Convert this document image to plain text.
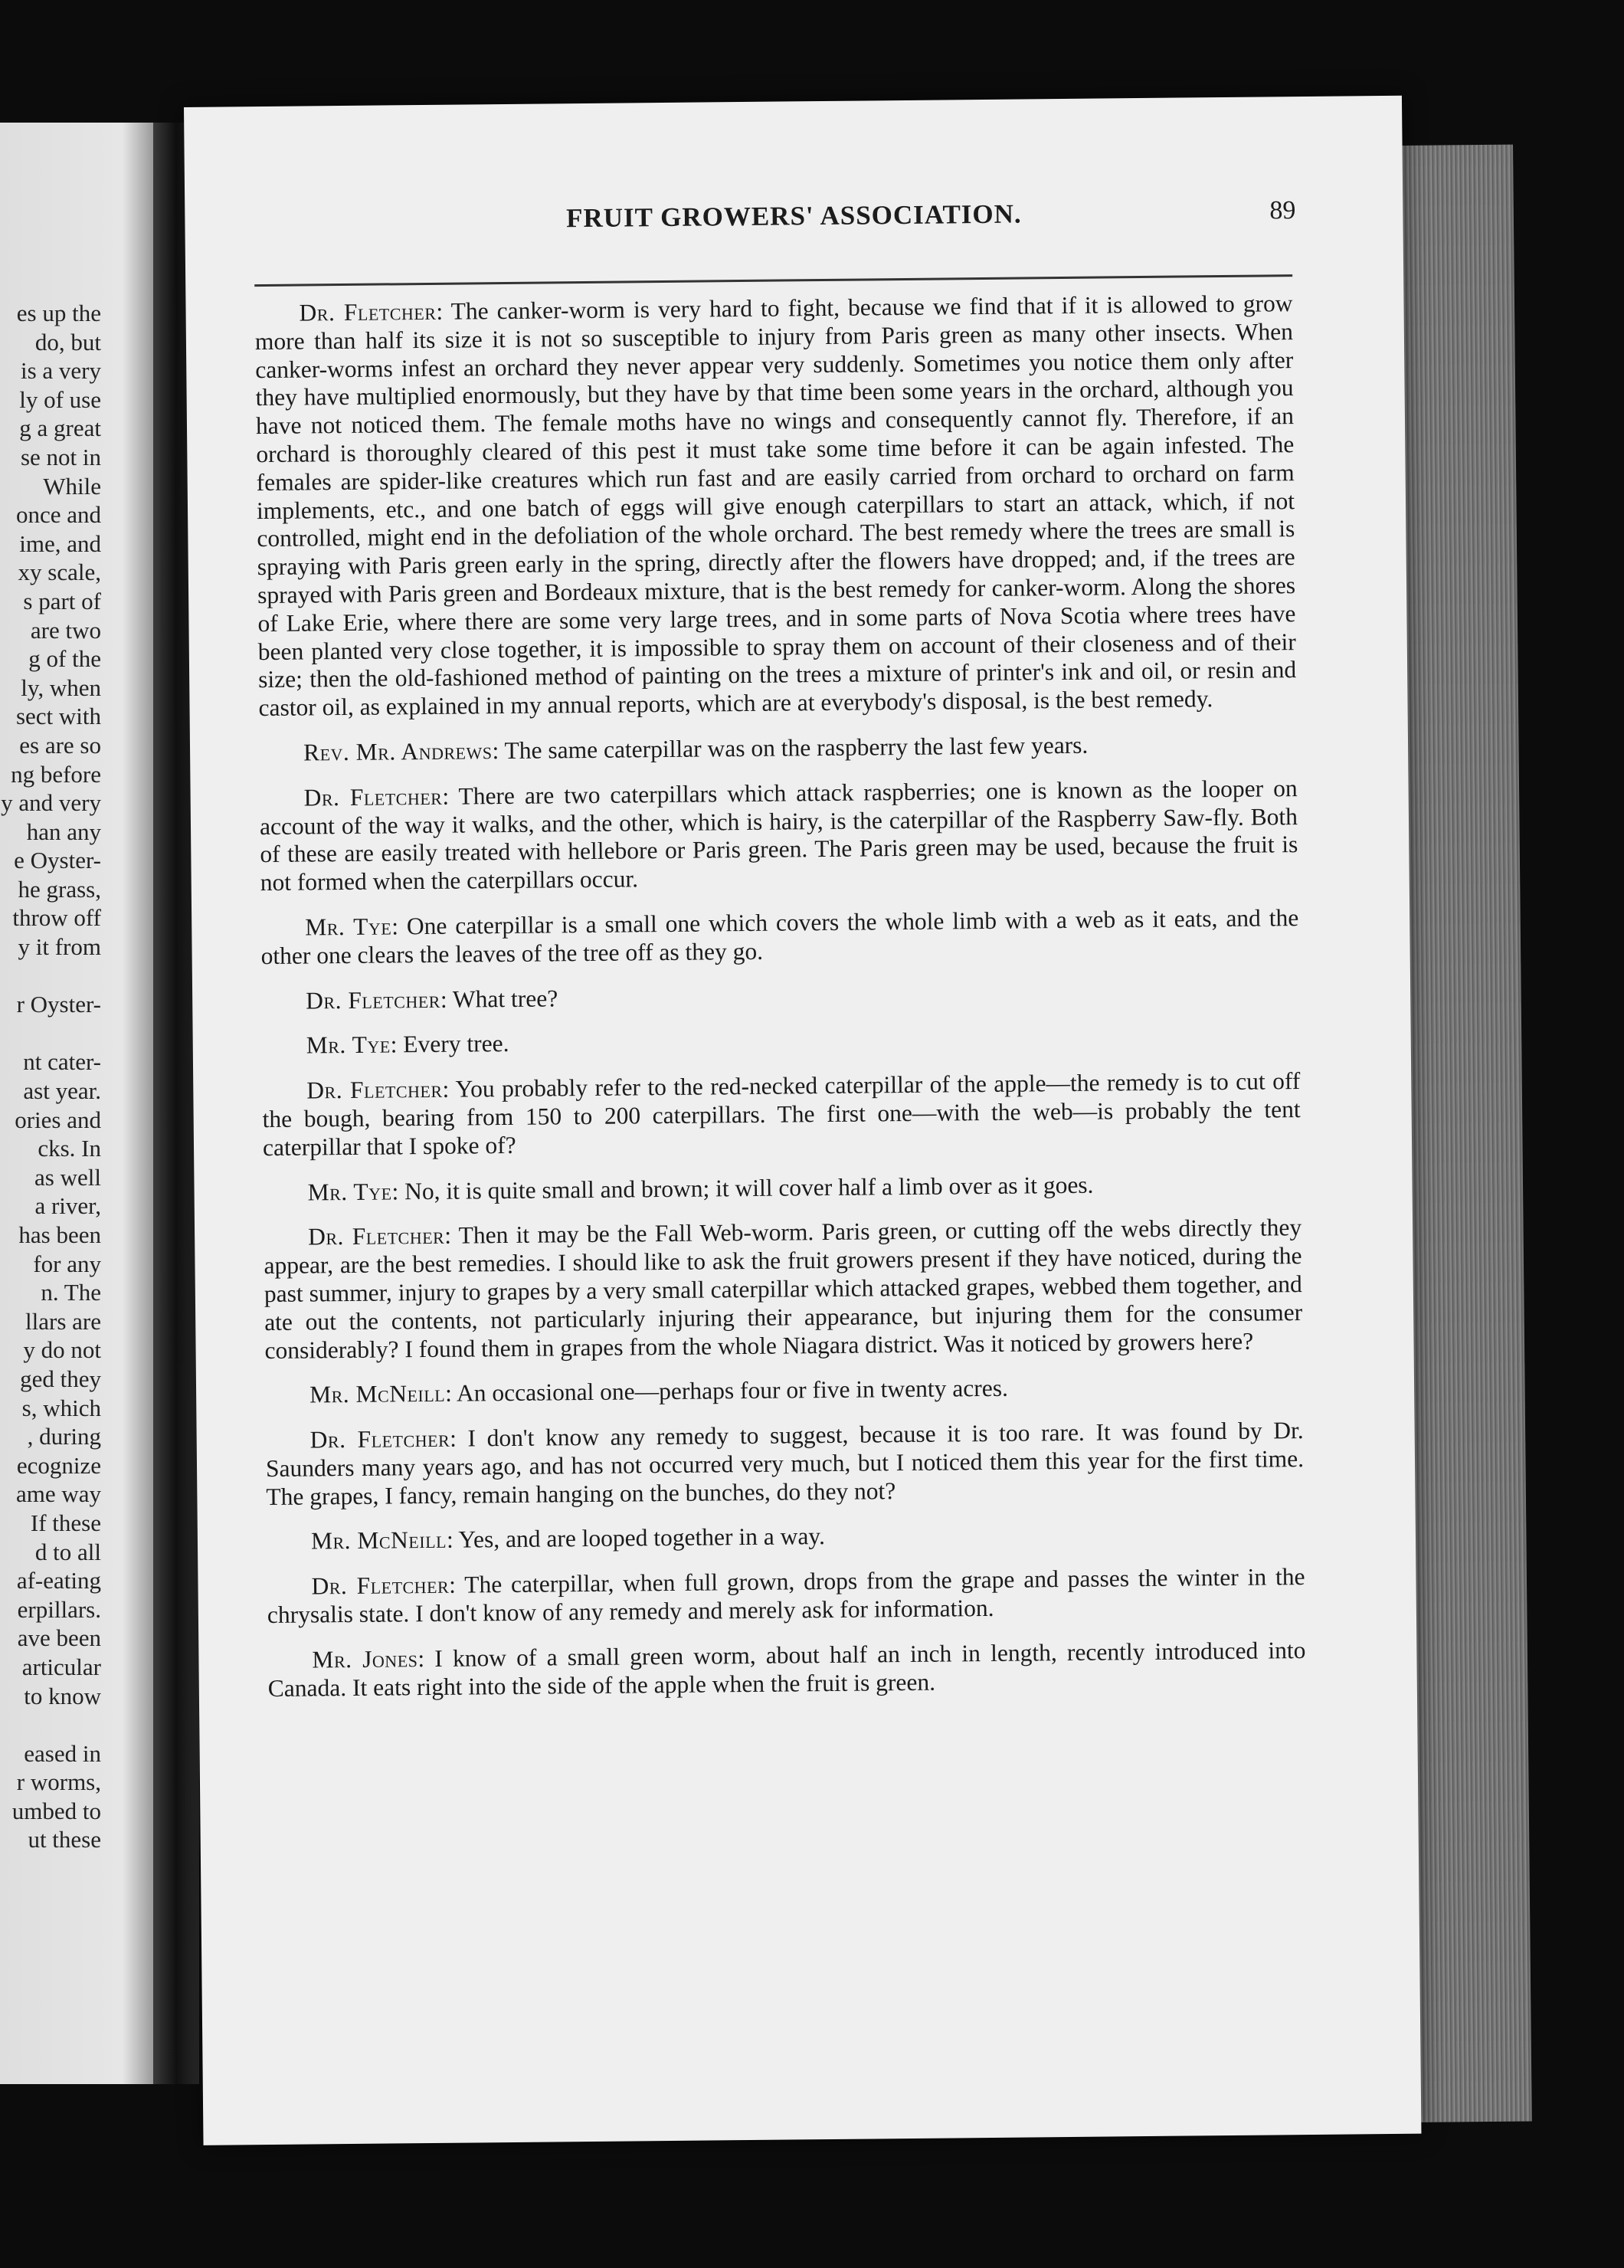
es up the
do, but
is a very
ly of use
g a great
se not in
While
once and
ime, and
xy scale,
s part of
are two
g of the
ly, when
sect with
es are so
ng before
y and very
han any
e Oyster-
he grass,
throw off
y it from
r Oyster-
nt cater-
ast year.
ories and
cks. In
as well
a river,
has been
for any
n. The
llars are
y do not
ged they
s, which
, during
ecognize
ame way
If these
d to all
af-eating
erpillars.
ave been
articular
to know
eased in
r worms,
umbed to
ut these
FRUIT GROWERS' ASSOCIATION.	89

Dr. Fletcher: The canker-worm is very hard to fight, because we find that if it is allowed to grow more than half its size it is not so susceptible to injury from Paris green as many other insects. When canker-worms infest an orchard they never appear very suddenly. Sometimes you notice them only after they have multiplied enormously, but they have by that time been some years in the orchard, although you have not noticed them. The female moths have no wings and consequently cannot fly. Therefore, if an orchard is thoroughly cleared of this pest it must take some time before it can be again infested. The females are spider-like creatures which run fast and are easily carried from orchard to orchard on farm implements, etc., and one batch of eggs will give enough caterpillars to start an attack, which, if not controlled, might end in the defoliation of the whole orchard. The best remedy where the trees are small is spraying with Paris green early in the spring, directly after the flowers have dropped; and, if the trees are sprayed with Paris green and Bordeaux mixture, that is the best remedy for canker-worm. Along the shores of Lake Erie, where there are some very large trees, and in some parts of Nova Scotia where trees have been planted very close together, it is impossible to spray them on account of their closeness and of their size; then the old-fashioned method of painting on the trees a mixture of printer's ink and oil, or resin and castor oil, as explained in my annual reports, which are at everybody's disposal, is the best remedy.

Rev. Mr. Andrews: The same caterpillar was on the raspberry the last few years.

Dr. Fletcher: There are two caterpillars which attack raspberries; one is known as the looper on account of the way it walks, and the other, which is hairy, is the caterpillar of the Raspberry Saw-fly. Both of these are easily treated with hellebore or Paris green. The Paris green may be used, because the fruit is not formed when the caterpillars occur.

Mr. Tye: One caterpillar is a small one which covers the whole limb with a web as it eats, and the other one clears the leaves of the tree off as they go.

Dr. Fletcher: What tree?

Mr. Tye: Every tree.

Dr. Fletcher: You probably refer to the red-necked caterpillar of the apple—the remedy is to cut off the bough, bearing from 150 to 200 caterpillars. The first one—with the web—is probably the tent caterpillar that I spoke of?

Mr. Tye: No, it is quite small and brown; it will cover half a limb over as it goes.

Dr. Fletcher: Then it may be the Fall Web-worm. Paris green, or cutting off the webs directly they appear, are the best remedies. I should like to ask the fruit growers present if they have noticed, during the past summer, injury to grapes by a very small caterpillar which attacked grapes, webbed them together, and ate out the contents, not particularly injuring their appearance, but injuring them for the consumer considerably? I found them in grapes from the whole Niagara district. Was it noticed by growers here?

Mr. McNeill: An occasional one—perhaps four or five in twenty acres.

Dr. Fletcher: I don't know any remedy to suggest, because it is too rare. It was found by Dr. Saunders many years ago, and has not occurred very much, but I noticed them this year for the first time. The grapes, I fancy, remain hanging on the bunches, do they not?

Mr. McNeill: Yes, and are looped together in a way.

Dr. Fletcher: The caterpillar, when full grown, drops from the grape and passes the winter in the chrysalis state. I don't know of any remedy and merely ask for information.

Mr. Jones: I know of a small green worm, about half an inch in length, recently introduced into Canada. It eats right into the side of the apple when the fruit is green.
